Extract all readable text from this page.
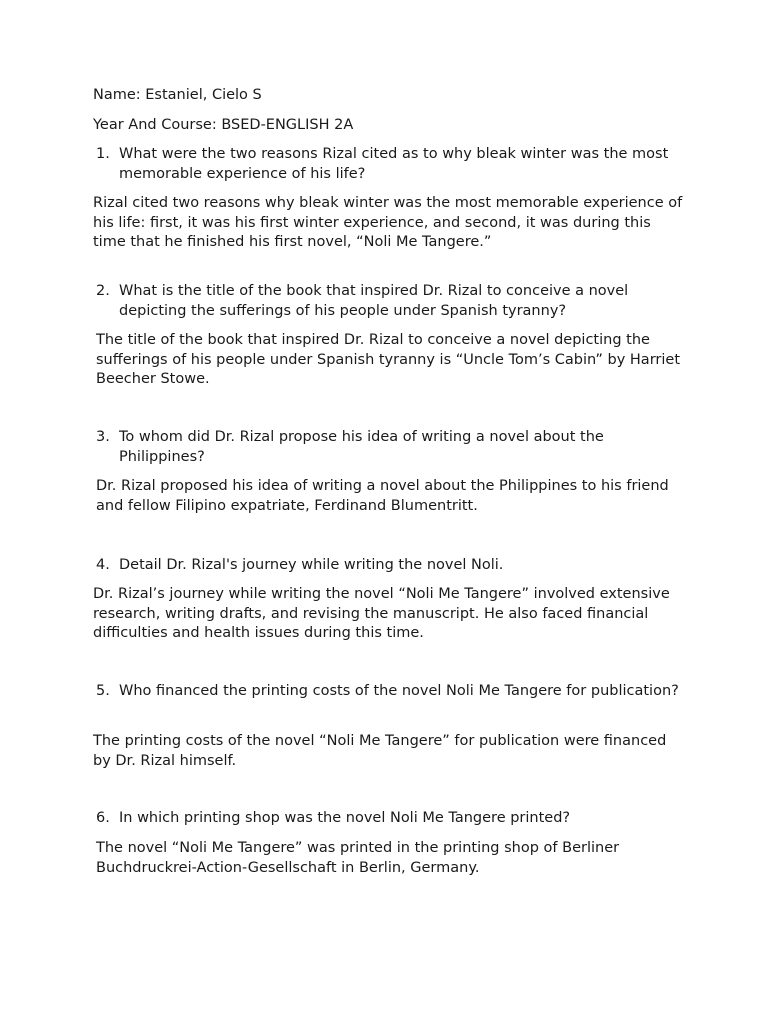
Name: Estaniel, Cielo S

Year And Course: BSED-ENGLISH 2A

1. What were the two reasons Rizal cited as to why bleak winter was the most memorable experience of his life?

Rizal cited two reasons why bleak winter was the most memorable experience of his life: first, it was his first winter experience, and second, it was during this time that he finished his first novel, “Noli Me Tangere.”

2. What is the title of the book that inspired Dr. Rizal to conceive a novel depicting the sufferings of his people under Spanish tyranny?

The title of the book that inspired Dr. Rizal to conceive a novel depicting the sufferings of his people under Spanish tyranny is “Uncle Tom’s Cabin” by Harriet Beecher Stowe.

3. To whom did Dr. Rizal propose his idea of writing a novel about the Philippines?

Dr. Rizal proposed his idea of writing a novel about the Philippines to his friend and fellow Filipino expatriate, Ferdinand Blumentritt.

4. Detail Dr. Rizal's journey while writing the novel Noli.

Dr. Rizal’s journey while writing the novel “Noli Me Tangere” involved extensive research, writing drafts, and revising the manuscript. He also faced financial difficulties and health issues during this time.

5. Who financed the printing costs of the novel Noli Me Tangere for publication?

The printing costs of the novel “Noli Me Tangere” for publication were financed by Dr. Rizal himself.

6. In which printing shop was the novel Noli Me Tangere printed?

The novel “Noli Me Tangere” was printed in the printing shop of Berliner Buchdruckrei-Action-Gesellschaft in Berlin, Germany.
